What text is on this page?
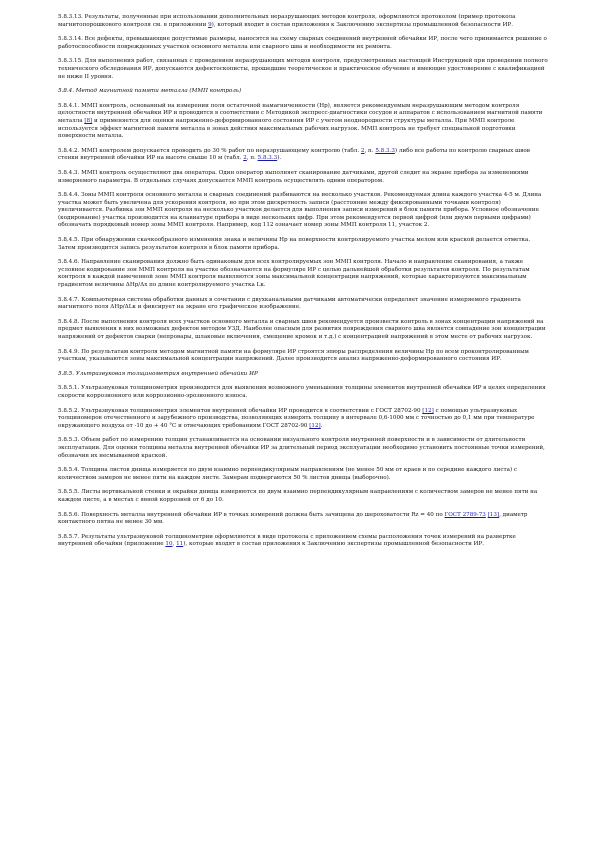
5.8.3.13. Результаты, полученные при использовании дополнительных неразрушающих методов контроля, оформляются протоколом (пример протокола магнитопорошкового контроля см. в приложении 9), который входит в состав приложения к Заключению экспертизы промышленной безопасности ИР.

5.8.3.14. Все дефекты, превышающие допустимые размеры, наносятся на схему сварных соединений внутренней обечайки ИР, после чего принимается решение о работоспособности поврежденных участков основного металла или сварного шва и необходимости их ремонта.

5.8.3.15. Для выполнения работ, связанных с проведением неразрушающих методов контроля, предусмотренных настоящей Инструкцией при проведении полного технического обследования ИР, допускаются дефектоскописты, прошедшие теоретическое и практическое обучение и имеющие удостоверение с квалификацией не ниже II уровня.

5.8.4. Метод магнитной памяти металла (ММП контроль)

5.8.4.1. ММП контроль, основанный на измерении поля остаточной намагниченности (Нр), является рекомендуемым неразрушающим методом контроля целостности внутренней обечайки ИР и проводится в соответствии с Методикой экспресс-диагностики сосудов и аппаратов с использованием магнитной памяти металла [8] и применяется для оценки напряженно-деформированного состояния ИР с учетом неоднородности структуры металла. При ММП контроле используется эффект магнитной памяти металла в зонах действия максимальных рабочих нагрузок. ММП контроль не требует специальной подготовки поверхности металла.

5.8.4.2. ММП контролем допускается проводить до 30 % работ по неразрушающему контролю (табл. 2, п. 5.8.3.3) либо все работы по контролю сварных швов стенки внутренней обечайки ИР на высоте свыше 10 м (табл. 2, п. 5.8.3.3).

5.8.4.3. ММП контроль осуществляют два оператора. Один оператор выполняет сканирование датчиками, другой следит на экране прибора за изменениями измеряемого параметра. В отдельных случаях допускается ММП контроль осуществлять одним оператором.

5.8.4.4. Зоны ММП контроля основного металла и сварных соединений разбиваются на несколько участков. Рекомендуемая длина каждого участка 4-5 м. Длина участка может быть увеличена для ускорения контроля, но при этом дискретность записи (расстояние между фиксированными точками контроля) увеличивается. Разбивка зон ММП контроля на несколько участков делается для выполнения записи измерений в блок памяти прибора. Условное обозначение (кодирование) участка производится на клавиатуре прибора в виде нескольких цифр. При этом рекомендуется первой цифрой (или двумя первыми цифрами) обозначать порядковый номер зоны ММП контроля. Например, код 112 означает номер зоны ММП контроля 11, участок 2.

5.8.4.5. При обнаружении скачкообразного изменения знака и величины Нр на поверхности контролируемого участка мелом или краской делается отметка. Затем производится запись результатов контроля в блок памяти прибора.

5.8.4.6. Направление сканирования должно быть одинаковым для всех контролируемых зон ММП контроля. Начало и направление сканирования, а также условное кодирование зон ММП контроля на участке обозначаются на формуляре ИР с целью дальнейшей обработки результатов контроля. По результатам контроля в каждой намеченной зоне ММП контроля выявляются зоны максимальной концентрации напряжений, которые характеризуются максимальным градиентом величины ΔНр/Δx по длине контролируемого участка Lк.

5.8.4.7. Компьютерная система обработки данных в сочетании с двухканальными датчиками автоматически определяет значение измеряемого градиента магнитного поля ΔНр/ΔLк и фиксирует на экране его графическое изображение.

5.8.4.8. После выполнения контроля всех участков основного металла и сварных швов рекомендуется произвести контроль в зонах концентрации напряжений на предмет выявления в них возможных дефектов методом УЗД. Наиболее опасным для развития повреждения сварного шва является совпадение зон концентрации напряжений от дефектов сварки (непровары, шлаковые включения, смещение кромок и т.д.) с концентрацией напряжений в этом месте от рабочих нагрузок.

5.8.4.9. По результатам контроля методом магнитной памяти на формуляре ИР строятся эпюры распределения величины Нр по всем проконтролированным участкам, указываются зоны максимальной концентрации напряжений. Далее производится анализ напряженно-деформированного состояния ИР.

5.8.5. Ультразвуковая толщинометрия внутренней обечайки ИР

5.8.5.1. Ультразвуковая толщинометрия производится для выявления возможного уменьшения толщины элементов внутренней обечайки ИР в целях определения скорости коррозионного или коррозионно-эрозионного износа.

5.8.5.2. Ультразвуковая толщинометрия элементов внутренней обечайки ИР проводится в соответствии с ГОСТ 28702-90 [12] с помощью ультразвуковых толщиномеров отечественного и зарубежного производства, позволяющих измерять толщину в интервале 0,6-1000 мм с точностью до 0,1 мм при температуре окружающего воздуха от -10 до + 40 °С и отвечающих требованиям ГОСТ 28702-90 [12].

5.8.5.3. Объем работ по измерению толщин устанавливается на основании визуального контроля внутренней поверхности и в зависимости от длительности эксплуатации. Для оценки толщины металла внутренней обечайки ИР за длительный период эксплуатации необходимо установить постоянные точки измерений, обозначив их несмываемой краской.

5.8.5.4. Толщина листов днища измеряется по двум взаимно перпендикулярным направлениям (не менее 50 мм от краев и по середине каждого листа) с количеством замеров не менее пяти на каждом листе. Замерам подвергаются 50 % листов днища (выборочно).

5.8.5.5. Листы вертикальной стенки и окрайки днища измеряются по двум взаимно перпендикулярным направлениям с количеством замеров не менее пяти на каждом листе, а в местах с явной коррозией от 6 до 10.

5.8.5.6. Поверхность металла внутренней обечайки ИР в точках измерений должна быть зачищена до шероховатости Rz = 40 по ГОСТ 2789-73 [13], диаметр контактного пятна не менее 30 мм.

5.8.5.7. Результаты ультразвуковой толщинометрии оформляются в виде протокола с приложением схемы расположения точек измерений на развертке внутренней обечайки (приложение 10, 11), которые входят в состав приложения к Заключению экспертизы промышленной безопасности ИР.
